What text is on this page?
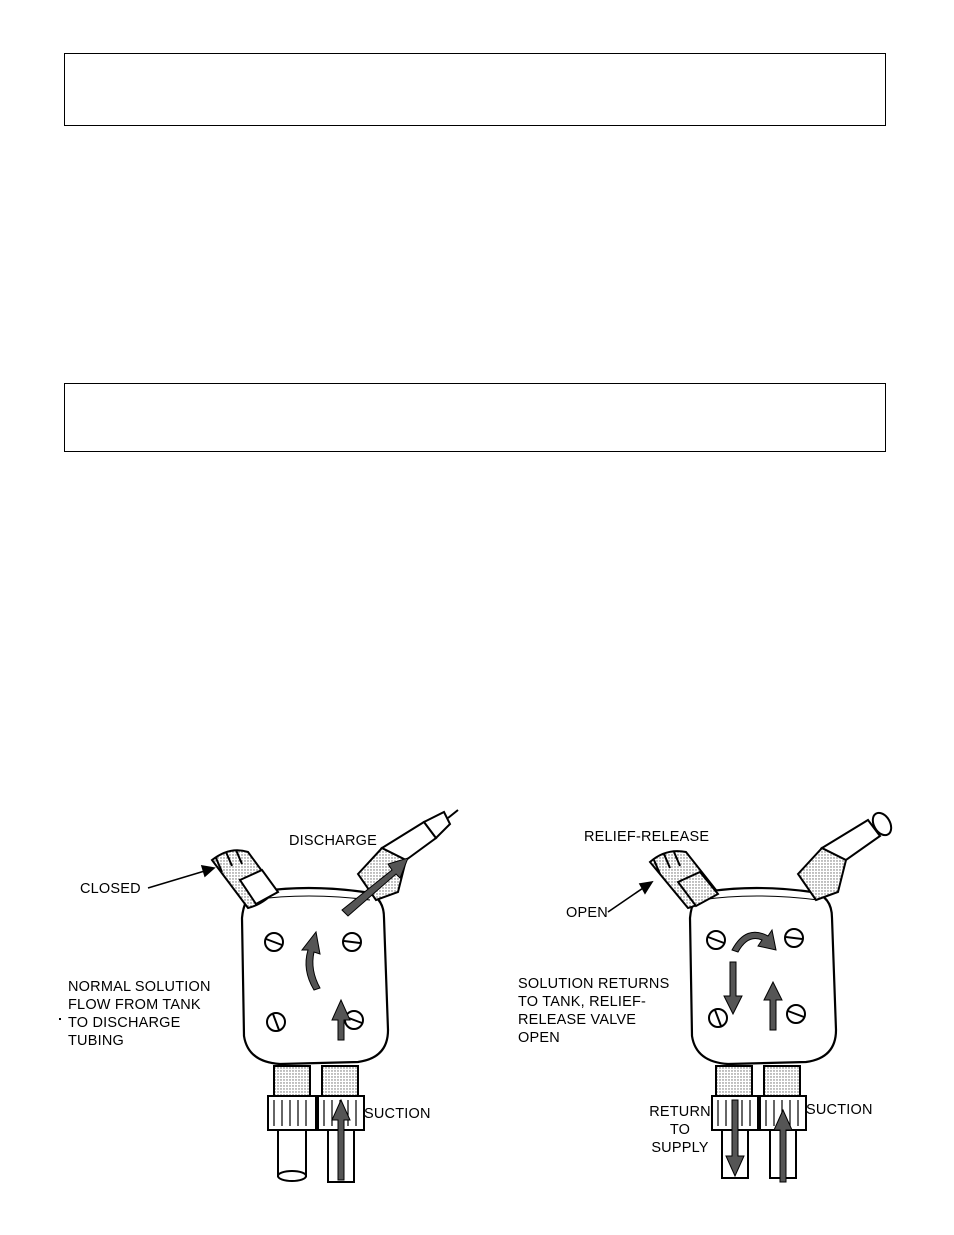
CLOSED
DISCHARGE
NORMAL SOLUTION
FLOW FROM TANK
TO DISCHARGE
TUBING
SUCTION
RELIEF-RELEASE
OPEN
SOLUTION RETURNS
TO TANK, RELIEF-
RELEASE VALVE
OPEN
RETURN
TO
SUPPLY
SUCTION
